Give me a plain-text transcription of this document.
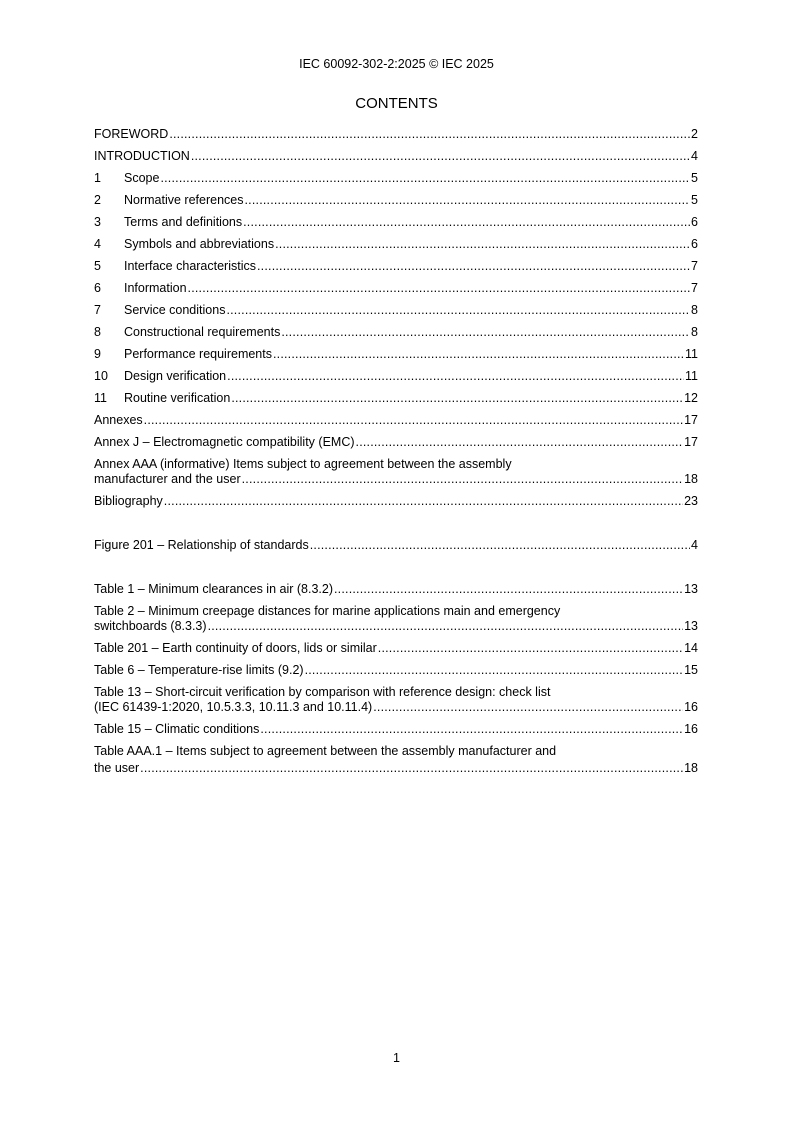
IEC 60092-302-2:2025 © IEC 2025
CONTENTS
FOREWORD .....	2
INTRODUCTION .....	4
1	Scope .....	5
2	Normative references .....	5
3	Terms and definitions .....	6
4	Symbols and abbreviations .....	6
5	Interface characteristics .....	7
6	Information .....	7
7	Service conditions .....	8
8	Constructional requirements .....	8
9	Performance requirements .....	11
10	Design verification .....	11
11	Routine verification .....	12
Annexes .....	17
Annex J – Electromagnetic compatibility (EMC) .....	17
Annex AAA (informative) Items subject to agreement between the assembly
manufacturer and the user .....	18
Bibliography .....	23
Figure 201 – Relationship of standards .....	4
Table 1 – Minimum clearances in air (8.3.2) .....	13
Table 2 – Minimum creepage distances for marine applications main and emergency
switchboards (8.3.3) .....	13
Table 201 – Earth continuity of doors, lids or similar .....	14
Table 6 – Temperature-rise limits (9.2) .....	15
Table 13 – Short-circuit verification by comparison with reference design: check list
(IEC 61439-1:2020, 10.5.3.3, 10.11.3 and 10.11.4) .....	16
Table 15 – Climatic conditions .....	16
Table AAA.1 – Items subject to agreement between the assembly manufacturer and
the user .....	18
1
